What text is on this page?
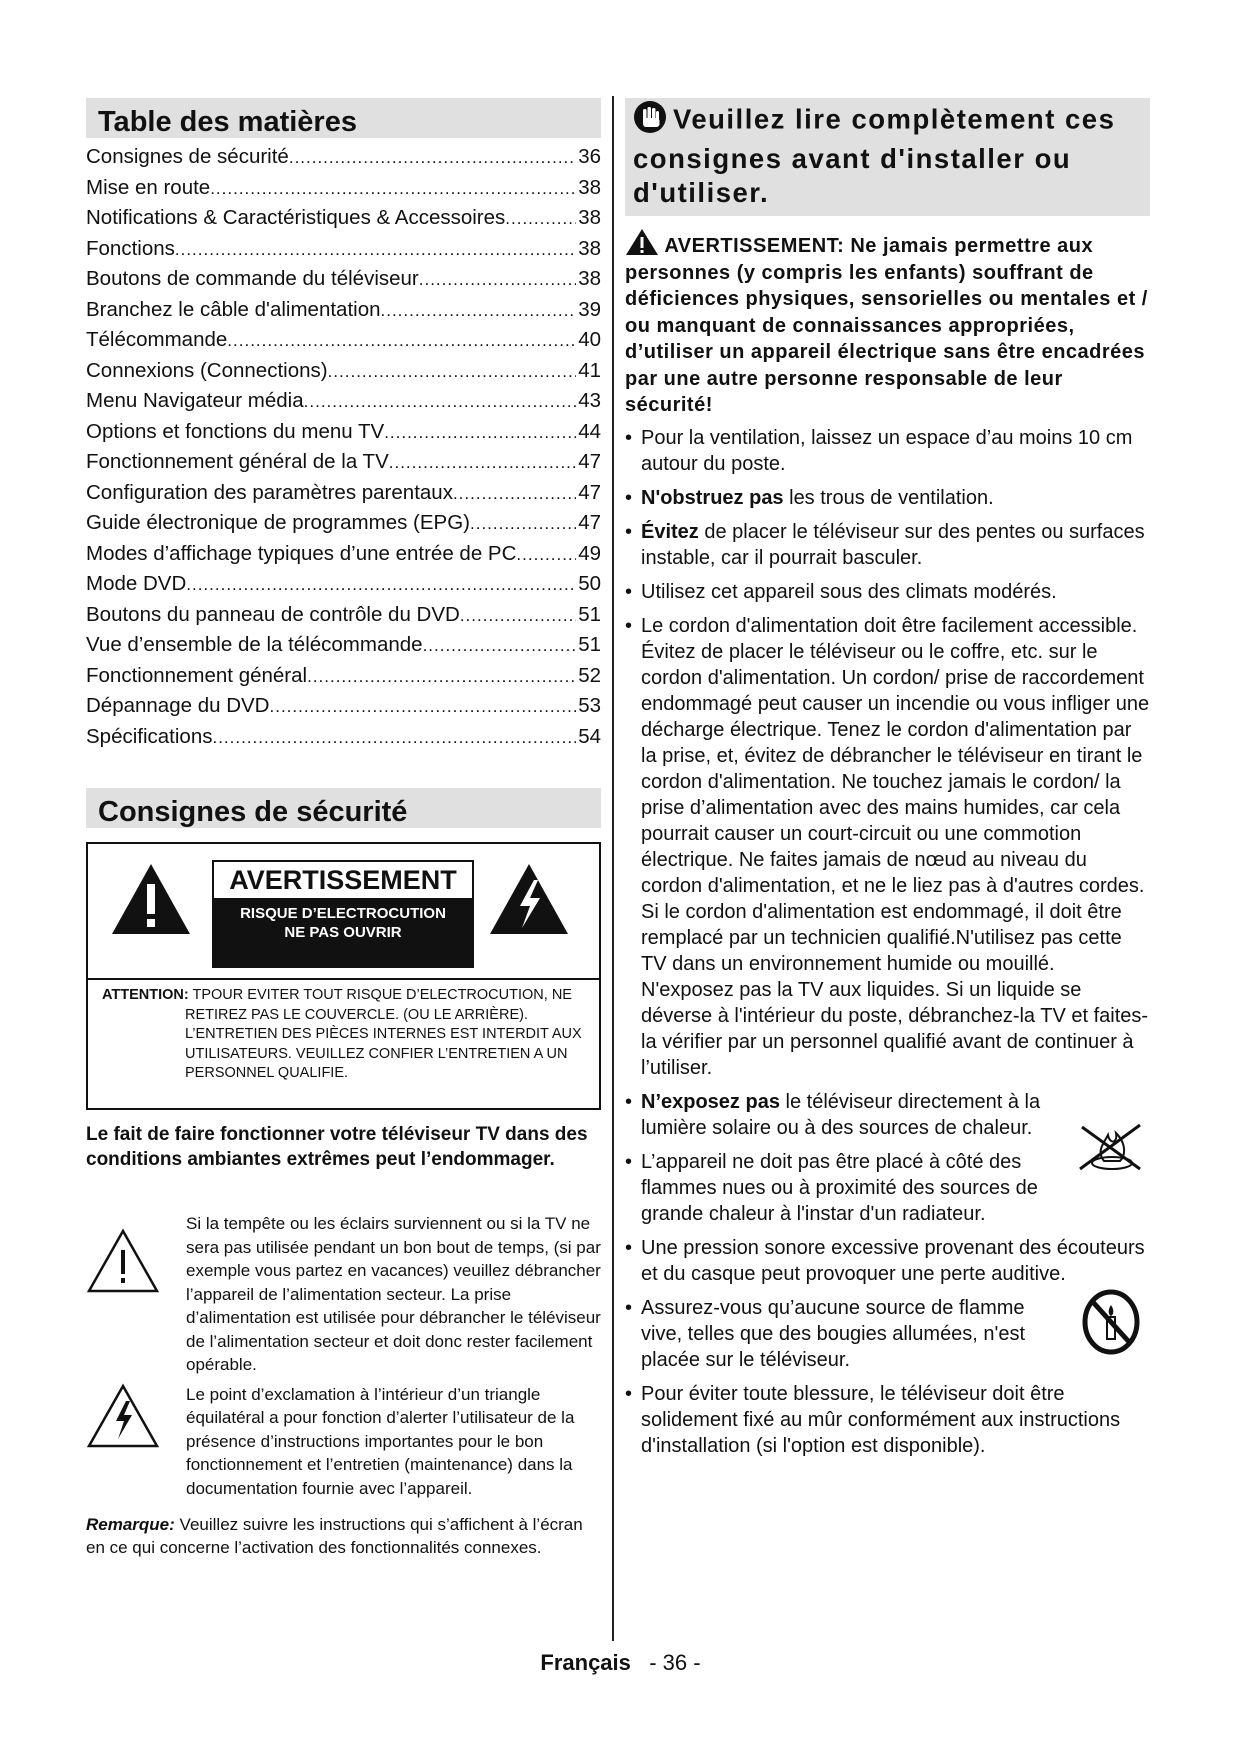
Table des matières
Consignes de sécurité .....	36
Mise en route .....	38
Notifications & Caractéristiques & Accessoires .....	38
Fonctions .....	38
Boutons de commande du téléviseur .....	38
Branchez le câble d'alimentation .....	39
Télécommande .....	40
Connexions (Connections) .....	41
Menu Navigateur média .....	43
Options et fonctions du menu TV .....	44
Fonctionnement général de la TV .....	47
Configuration des paramètres parentaux .....	47
Guide électronique de programmes (EPG) .....	47
Modes d’affichage typiques d’une entrée de PC .....	49
Mode DVD .....	50
Boutons du panneau de contrôle du DVD .....	51
Vue d’ensemble de la télécommande .....	51
Fonctionnement général .....	52
Dépannage du DVD .....	53
Spécifications .....	54
Consignes de sécurité
AVERTISSEMENT
RISQUE D’ELECTROCUTION
NE PAS OUVRIR
ATTENTION: TPOUR EVITER TOUT RISQUE D’ELECTROCUTION, NE RETIREZ PAS LE COUVERCLE. (OU LE ARRIÈRE). L’ENTRETIEN DES PIÈCES INTERNES EST INTERDIT AUX UTILISATEURS. VEUILLEZ CONFIER L’ENTRETIEN A UN PERSONNEL QUALIFIE.
Le fait de faire fonctionner votre téléviseur TV dans des conditions ambiantes extrêmes peut l’endommager.
Si la tempête ou les éclairs surviennent ou si la TV ne sera pas utilisée pendant un bon bout de temps, (si par exemple vous partez en vacances) veuillez débrancher l’appareil de l’alimentation secteur. La prise d’alimentation est utilisée pour débrancher le téléviseur de l’alimentation secteur et doit donc rester facilement opérable.
Le point d’exclamation à l’intérieur d’un triangle équilatéral a pour fonction d’alerter l’utilisateur de la présence d’instructions importantes pour le bon fonctionnement et l’entretien (maintenance) dans la documentation fournie avec l’appareil.
Remarque: Veuillez suivre les instructions qui s’affichent à l’écran en ce qui concerne l’activation des fonctionnalités connexes.
Veuillez lire complètement ces consignes avant d'installer ou d'utiliser.
AVERTISSEMENT: Ne jamais permettre aux personnes (y compris les enfants) souffrant de déficiences physiques, sensorielles ou mentales et / ou manquant de connaissances appropriées, d’utiliser un appareil électrique sans être encadrées par une autre personne responsable de leur sécurité!
• Pour la ventilation, laissez un espace d’au moins 10 cm autour du poste.
• N'obstruez pas les trous de ventilation.
• Évitez de placer le téléviseur sur des pentes ou surfaces instable, car il pourrait basculer.
• Utilisez cet appareil sous des climats modérés.
• Le cordon d'alimentation doit être facilement accessible. Évitez de placer le téléviseur ou le coffre, etc. sur le cordon d'alimentation. Un cordon/ prise de raccordement endommagé peut causer un incendie ou vous infliger une décharge électrique. Tenez le cordon d'alimentation par la prise, et, évitez de débrancher le téléviseur en tirant le cordon d'alimentation. Ne touchez jamais le cordon/ la prise d’alimentation avec des mains humides, car cela pourrait causer un court-circuit ou une commotion électrique. Ne faites jamais de nœud au niveau du cordon d'alimentation, et ne le liez pas à d'autres cordes. Si le cordon d'alimentation est endommagé, il doit être remplacé par un technicien qualifié.N'utilisez pas cette TV dans un environnement humide ou mouillé. N'exposez pas la TV aux liquides. Si un liquide se déverse à l'intérieur du poste, débranchez-la TV et faites-la vérifier par un personnel qualifié avant de continuer à l’utiliser.
• N’exposez pas le téléviseur directement à la lumière solaire ou à des sources de chaleur.
• L’appareil ne doit pas être placé à côté des flammes nues ou à proximité des sources de grande chaleur à l'instar d'un radiateur.
• Une pression sonore excessive provenant des écouteurs et du casque peut provoquer une perte auditive.
• Assurez-vous qu’aucune source de flamme vive, telles que des bougies allumées, n'est placée sur le téléviseur.
• Pour éviter toute blessure, le téléviseur doit être solidement fixé au mûr conformément aux instructions d'installation (si l'option est disponible).
Français - 36 -
